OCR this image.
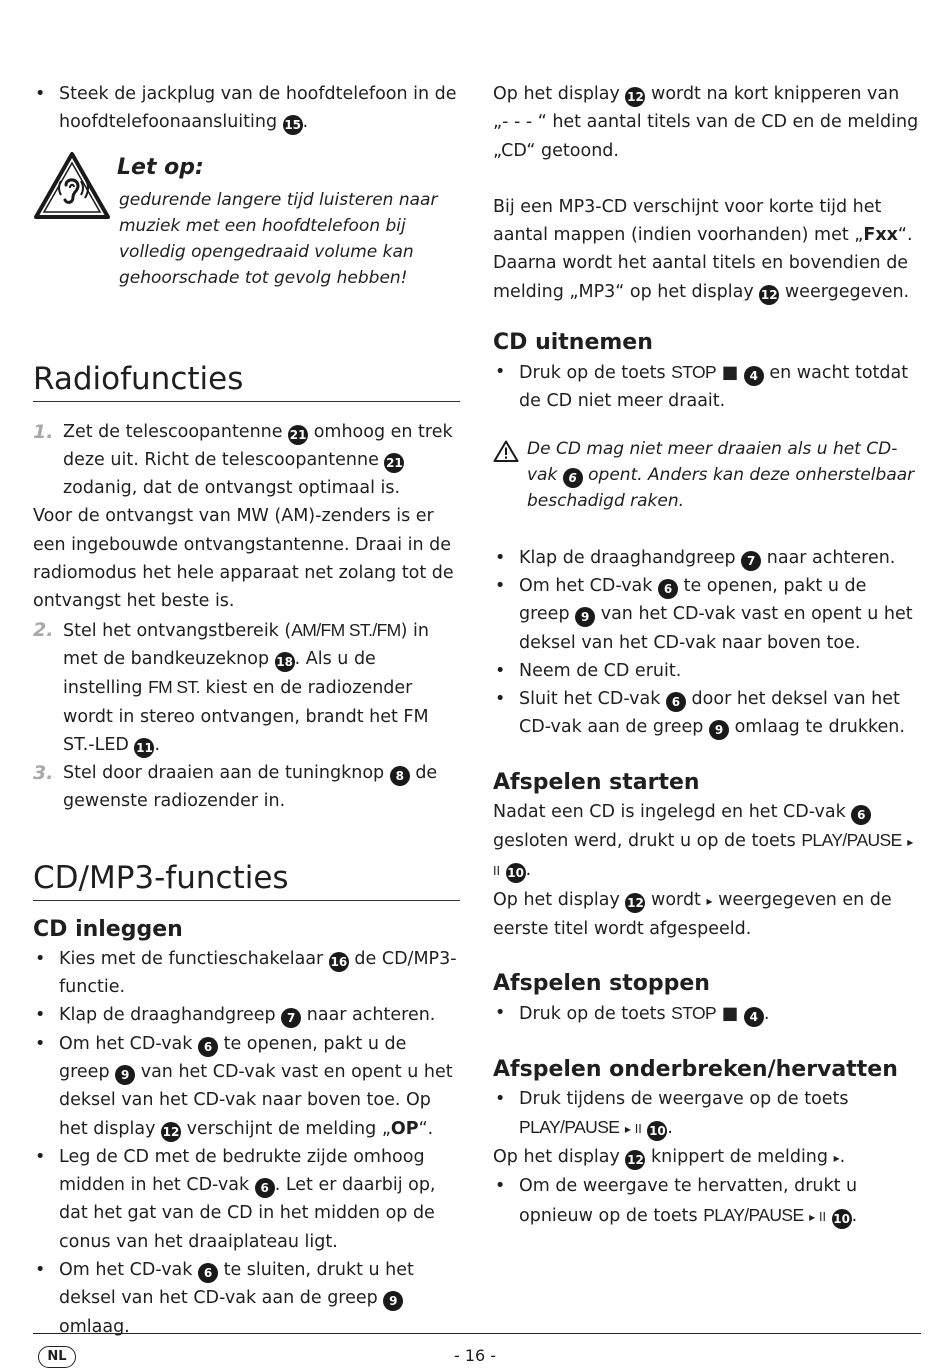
• Steek de jackplug van de hoofdtelefoon in de hoofdtelefoonaansluiting 15.
Let op:
gedurende langere tijd luisteren naar muziek met een hoofdtelefoon bij volledig opengedraaid volume kan gehoorschade tot gevolg hebben!
Radiofuncties
1. Zet de telescoopantenne 21 omhoog en trek deze uit. Richt de telescoopantenne 21 zodanig, dat de ontvangst optimaal is.

Voor de ontvangst van MW (AM)-zenders is er een ingebouwde ontvangstantenne. Draai in de radiomodus het hele apparaat net zolang tot de ontvangst het beste is.

2. Stel het ontvangstbereik (AM/FM ST./FM) in met de bandkeuzeknop 18. Als u de instelling FM ST. kiest en de radiozender wordt in stereo ontvangen, brandt het FM ST.-LED 11.
3. Stel door draaien aan de tuningknop 8 de gewenste radiozender in.
CD/MP3-functies
CD inleggen
• Kies met de functieschakelaar 16 de CD/MP3-functie.
• Klap de draaghandgreep 7 naar achteren.
• Om het CD-vak 6 te openen, pakt u de greep 9 van het CD-vak vast en opent u het deksel van het CD-vak naar boven toe. Op het display 12 verschijnt de melding „OP“.
• Leg de CD met de bedrukte zijde omhoog midden in het CD-vak 6 . Let er daarbij op, dat het gat van de CD in het midden op de conus van het draaiplateau ligt.
• Om het CD-vak 6 te sluiten, drukt u het deksel van het CD-vak aan de greep 9 omlaag.

Op het display 12 wordt na kort knipperen van „- - - “ het aantal titels van de CD en de melding „CD“ getoond.

Bij een MP3-CD verschijnt voor korte tijd het aantal mappen (indien voorhanden) met „Fxx“.

Daarna wordt het aantal titels en bovendien de melding „MP3“ op het display 12 weergegeven.

CD uitnemen
• Druk op de toets STOP ■ 4 en wacht totdat de CD niet meer draait.
De CD mag niet meer draaien als u het CD-vak 6 opent. Anders kan deze onherstelbaar beschadigd raken.
• Klap de draaghandgreep 7 naar achteren.
• Om het CD-vak 6 te openen, pakt u de greep 9 van het CD-vak vast en opent u het deksel van het CD-vak naar boven toe.
• Neem de CD eruit.
• Sluit het CD-vak 6 door het deksel van het CD-vak aan de greep 9 omlaag te drukken.
Afspelen starten

Nadat een CD is ingelegd en het CD-vak 6 gesloten werd, drukt u op de toets PLAY/PAUSE ▸ II 10.

Op het display 12 wordt ▸ weergegeven en de eerste titel wordt afgespeeld.

Afspelen stoppen
• Druk op de toets STOP ■ 4 .
Afspelen onderbreken/hervatten
• Druk tijdens de weergave op de toets PLAY/PAUSE ▸ II 10.

Op het display 12 knippert de melding ▸.

• Om de weergave te hervatten, drukt u opnieuw op de toets PLAY/PAUSE ▸ II 10.
NL	- 16 -
